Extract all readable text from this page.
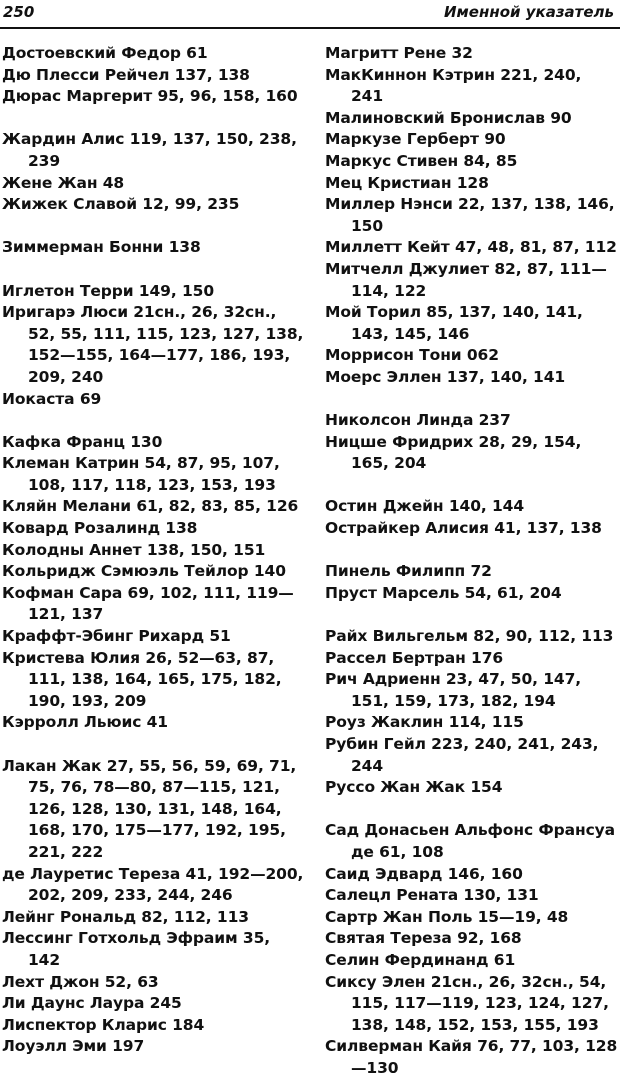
250	Именной указатель
Достоевский Федор 61
Дю Плесси Рейчел 137, 138
Дюрас Маргерит 95, 96, 158, 160
Жардин Алис 119, 137, 150, 238, 239
Жене Жан 48
Жижек Славой 12, 99, 235
Зиммерман Бонни 138
Иглетон Терри 149, 150
Иригарэ Люси 21сн., 26, 32сн., 52, 55, 111, 115, 123, 127, 138, 152—155, 164—177, 186, 193, 209, 240
Иокаста 69
Кафка Франц 130
Клеман Катрин 54, 87, 95, 107, 108, 117, 118, 123, 153, 193
Кляйн Мелани 61, 82, 83, 85, 126
Ковард Розалинд 138
Колодны Аннет 138, 150, 151
Кольридж Сэмюэль Тейлор 140
Кофман Сара 69, 102, 111, 119—121, 137
Краффт-Эбинг Рихард 51
Кристева Юлия 26, 52—63, 87, 111, 138, 164, 165, 175, 182, 190, 193, 209
Кэрролл Льюис 41
Лакан Жак 27, 55, 56, 59, 69, 71, 75, 76, 78—80, 87—115, 121, 126, 128, 130, 131, 148, 164, 168, 170, 175—177, 192, 195, 221, 222
де Лауретис Тереза 41, 192—200, 202, 209, 233, 244, 246
Лейнг Рональд 82, 112, 113
Лессинг Готхольд Эфраим 35, 142
Лехт Джон 52, 63
Ли Даунс Лаура 245
Лиспектор Кларис 184
Лоуэлл Эми 197
Магритт Рене 32
МакКиннон Кэтрин 221, 240, 241
Малиновский Бронислав 90
Маркузе Герберт 90
Маркус Стивен 84, 85
Мец Кристиан 128
Миллер Нэнси 22, 137, 138, 146, 150
Миллетт Кейт 47, 48, 81, 87, 112
Митчелл Джулиет 82, 87, 111—114, 122
Мой Торил 85, 137, 140, 141, 143, 145, 146
Моррисон Тони 062
Моерс Эллен 137, 140, 141
Николсон Линда 237
Ницше Фридрих 28, 29, 154, 165, 204
Остин Джейн 140, 144
Острайкер Алисия 41, 137, 138
Пинель Филипп 72
Пруст Марсель 54, 61, 204
Райх Вильгельм 82, 90, 112, 113
Рассел Бертран 176
Рич Адриенн 23, 47, 50, 147, 151, 159, 173, 182, 194
Роуз Жаклин 114, 115
Рубин Гейл 223, 240, 241, 243, 244
Руссо Жан Жак 154
Сад Донасьен Альфонс Франсуа де 61, 108
Саид Эдвард 146, 160
Салецл Рената 130, 131
Сартр Жан Поль 15—19, 48
Святая Тереза 92, 168
Селин Фердинанд 61
Сиксу Элен 21сн., 26, 32сн., 54, 115, 117—119, 123, 124, 127, 138, 148, 152, 153, 155, 193
Силверман Кайя 76, 77, 103, 128—130
